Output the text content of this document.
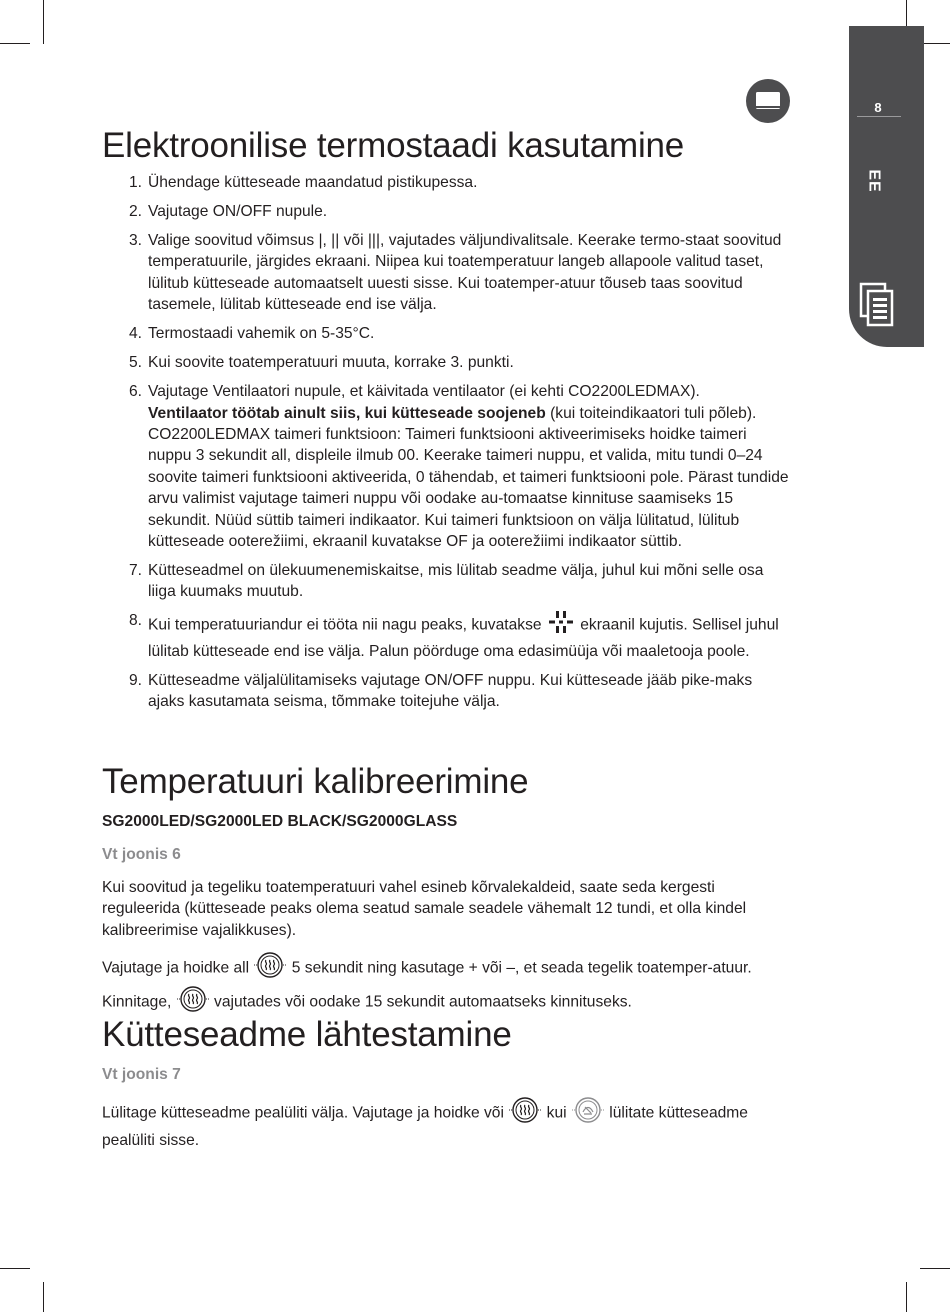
8
EE
Elektroonilise termostaadi kasutamine
1. Ühendage kütteseade maandatud pistikupessa.
2. Vajutage ON/OFF nupule.
3. Valige soovitud võimsus |, || või |||, vajutades väljundivalitsale. Keerake termo-staat soovitud temperatuurile, järgides ekraani. Niipea kui toatemperatuur langeb allapoole valitud taset, lülitub kütteseade automaatselt uuesti sisse. Kui toatemper-atuur tõuseb taas soovitud tasemele, lülitab kütteseade end ise välja.
4. Termostaadi vahemik on 5-35°C.
5. Kui soovite toatemperatuuri muuta, korrake 3. punkti.
6. Vajutage Ventilaatori nupule, et käivitada ventilaator (ei kehti CO2200LEDMAX).
Ventilaator töötab ainult siis, kui kütteseade soojeneb (kui toiteindikaatori tuli põleb). CO2200LEDMAX taimeri funktsioon: Taimeri funktsiooni aktiveerimiseks hoidke taimeri nuppu 3 sekundit all, displeile ilmub 00. Keerake taimeri nuppu, et valida, mitu tundi 0–24 soovite taimeri funktsiooni aktiveerida, 0 tähendab, et taimeri funktsiooni pole. Pärast tundide arvu valimist vajutage taimeri nuppu või oodake au-tomaatse kinnituse saamiseks 15 sekundit. Nüüd süttib taimeri indikaator. Kui taimeri funktsioon on välja lülitatud, lülitub kütteseade ooterežiimi, ekraanil kuvatakse OF ja ooterežiimi indikaator süttib.
7. Kütteseadmel on ülekuumenemiskaitse, mis lülitab seadme välja, juhul kui mõni selle osa liiga kuumaks muutub.
8. Kui temperatuuriandur ei tööta nii nagu peaks, kuvatakse ekraanil kujutis. Sellisel juhul lülitab kütteseade end ise välja. Palun pöörduge oma edasimüüja või maaletooja poole.
9. Kütteseadme väljalülitamiseks vajutage ON/OFF nuppu. Kui kütteseade jääb pike-maks ajaks kasutamata seisma, tõmmake toitejuhe välja.
Temperatuuri kalibreerimine
SG2000LED/SG2000LED BLACK/SG2000GLASS
Vt joonis 6
Kui soovitud ja tegeliku toatemperatuuri vahel esineb kõrvalekaldeid, saate seda kergesti reguleerida (kütteseade peaks olema seatud samale seadele vähemalt 12 tundi, et olla kindel kalibreerimise vajalikkuses).
Vajutage ja hoidke all	5 sekundit ning kasutage + või –, et seada tegelik toatemper-atuur. Kinnitage,	vajutades või oodake 15 sekundit automaatseks kinnituseks.
Kütteseadme lähtestamine
Vt joonis 7
Lülitage kütteseadme pealüliti välja. Vajutage ja hoidke või	kui	lülitate kütteseadme pealüliti sisse.
